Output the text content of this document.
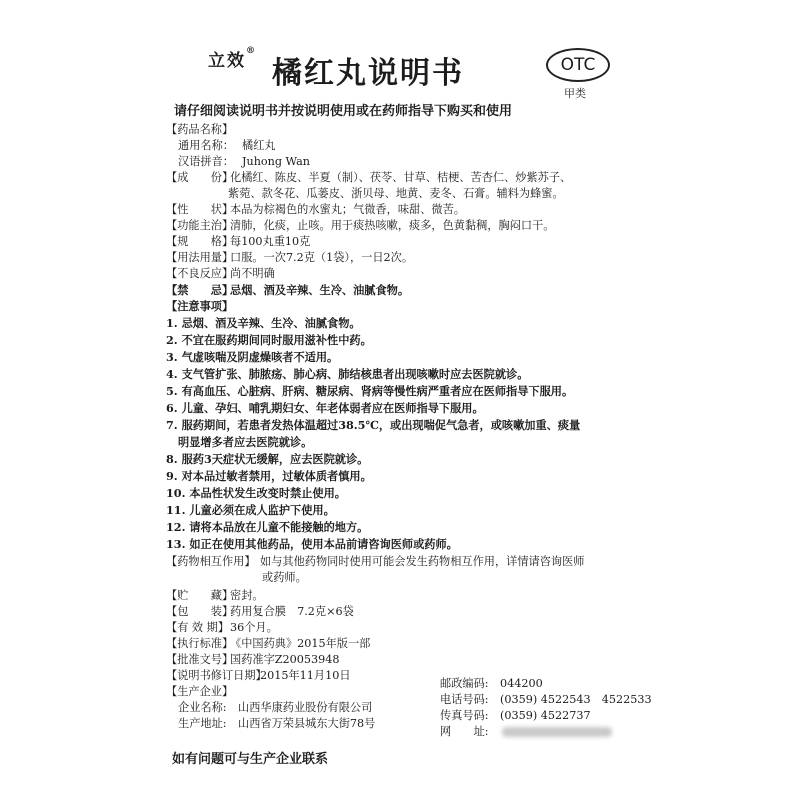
立效®
橘红丸说明书	OTC
甲类
请仔细阅读说明书并按说明使用或在药师指导下购买和使用
【药品名称】
通用名称： 橘红丸
汉语拼音： Juhong Wan
【成　　份】化橘红、陈皮、半夏（制）、茯苓、甘草、桔梗、苦杏仁、炒紫苏子、
紫菀、款冬花、瓜蒌皮、浙贝母、地黄、麦冬、石膏。辅料为蜂蜜。
【性　　状】本品为棕褐色的水蜜丸；气微香，味甜、微苦。
【功能主治】清肺，化痰，止咳。用于痰热咳嗽，痰多，色黄黏稠，胸闷口干。
【规　　格】每100丸重10克
【用法用量】口服。一次7.2克（1袋），一日2次。
【不良反应】尚不明确
【禁　　忌】忌烟、酒及辛辣、生冷、油腻食物。
【注意事项】
1. 忌烟、酒及辛辣、生冷、油腻食物。
2. 不宜在服药期间同时服用滋补性中药。
3. 气虚咳喘及阴虚燥咳者不适用。
4. 支气管扩张、肺脓疡、肺心病、肺结核患者出现咳嗽时应去医院就诊。
5. 有高血压、心脏病、肝病、糖尿病、肾病等慢性病严重者应在医师指导下服用。
6. 儿童、孕妇、哺乳期妇女、年老体弱者应在医师指导下服用。
7. 服药期间，若患者发热体温超过38.5℃，或出现喘促气急者，或咳嗽加重、痰量
明显增多者应去医院就诊。
8. 服药3天症状无缓解，应去医院就诊。
9. 对本品过敏者禁用，过敏体质者慎用。
10. 本品性状发生改变时禁止使用。
11. 儿童必须在成人监护下使用。
12. 请将本品放在儿童不能接触的地方。
13. 如正在使用其他药品，使用本品前请咨询医师或药师。
【药物相互作用】 如与其他药物同时使用可能会发生药物相互作用，详情请咨询医师
或药师。
【贮　　藏】密封。
【包　　装】药用复合膜　7.2克×6袋
【有 效 期】36个月。
【执行标准】《中国药典》2015年版一部
【批准文号】国药准字Z20053948
【说明书修订日期】2015年11月10日
【生产企业】
企业名称: 山西华康药业股份有限公司
生产地址: 山西省万荣县城东大街78号
邮政编码: 044200
电话号码: (0359) 4522543　4522533
传真号码: (0359) 4522737
网　　址:
如有问题可与生产企业联系
